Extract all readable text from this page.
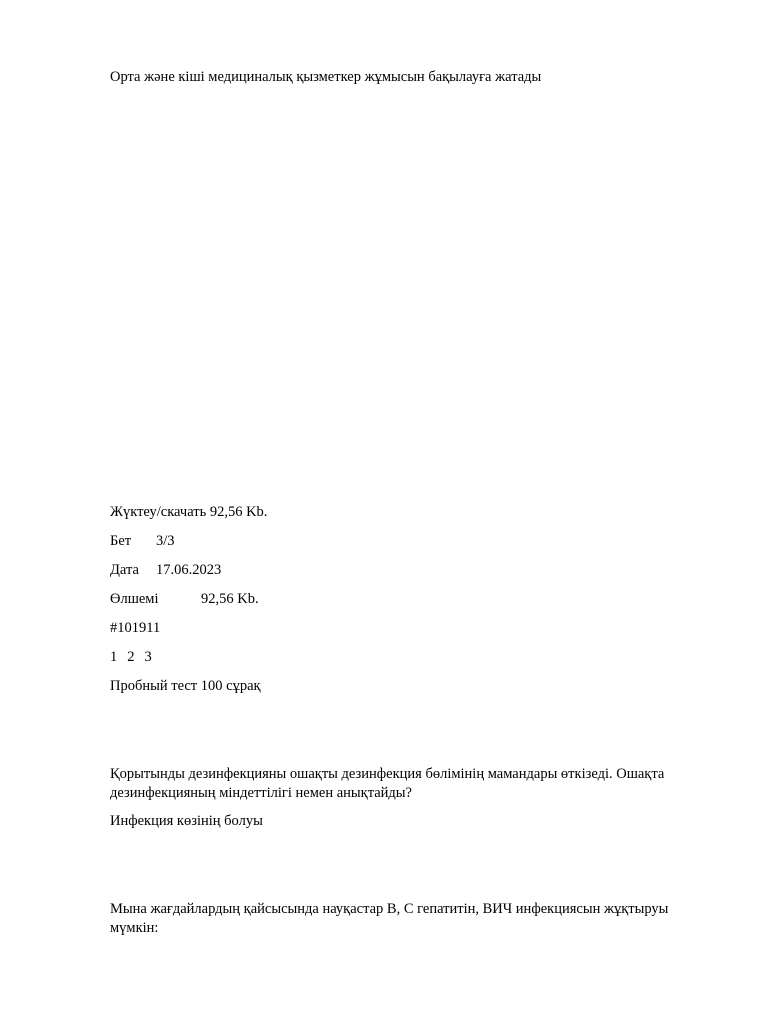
Орта және кіші медициналық қызметкер жұмысын бақылауға жатады
Жүктеу/скачать 92,56 Kb.
Бет 3/3
Дата 17.06.2023
Өлшемі	92,56 Kb.
#101911
1 2 3
Пробный тест 100 сұрақ
Қорытынды дезинфекцияны ошақты дезинфекция бөлімінің мамандары өткізеді. Ошақта дезинфекцияның міндеттілігі немен анықтайды?
Инфекция көзінің болуы
Мына жағдайлардың қайсысында науқастар В, С гепатитін, ВИЧ инфекциясын жұқтыруы мүмкін:
